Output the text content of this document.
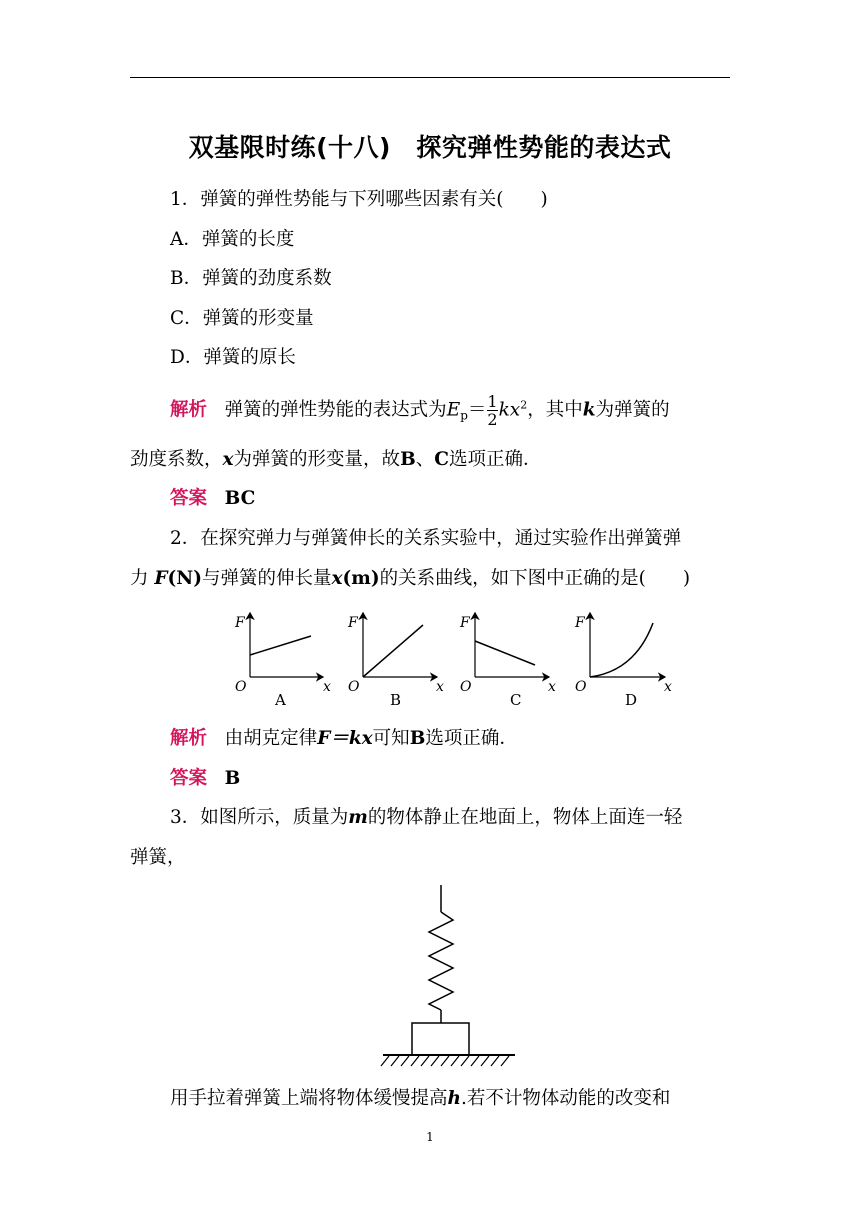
双基限时练(十八)　探究弹性势能的表达式
1．弹簧的弹性势能与下列哪些因素有关(　　)
A．弹簧的长度
B．弹簧的劲度系数
C．弹簧的形变量
D．弹簧的原长
解析 弹簧的弹性势能的表达式为$E_p= \frac{1}{2} kx^2$，其中k为弹簧的
劲度系数，x为弹簧的形变量，故B、C选项正确．
答案 BC
2．在探究弹力与弹簧伸长的关系实验中，通过实验作出弹簧弹
力 F(N)与弹簧的伸长量x(m)的关系曲线，如下图中正确的是(　　)
F
O	x
A
F
O	x
B
F
O	x
C
F
O	x
D
解析 由胡克定律F＝kx可知B选项正确．
答案 B
3．如图所示，质量为m的物体静止在地面上，物体上面连一轻
弹簧，
用手拉着弹簧上端将物体缓慢提高h.若不计物体动能的改变和
1
